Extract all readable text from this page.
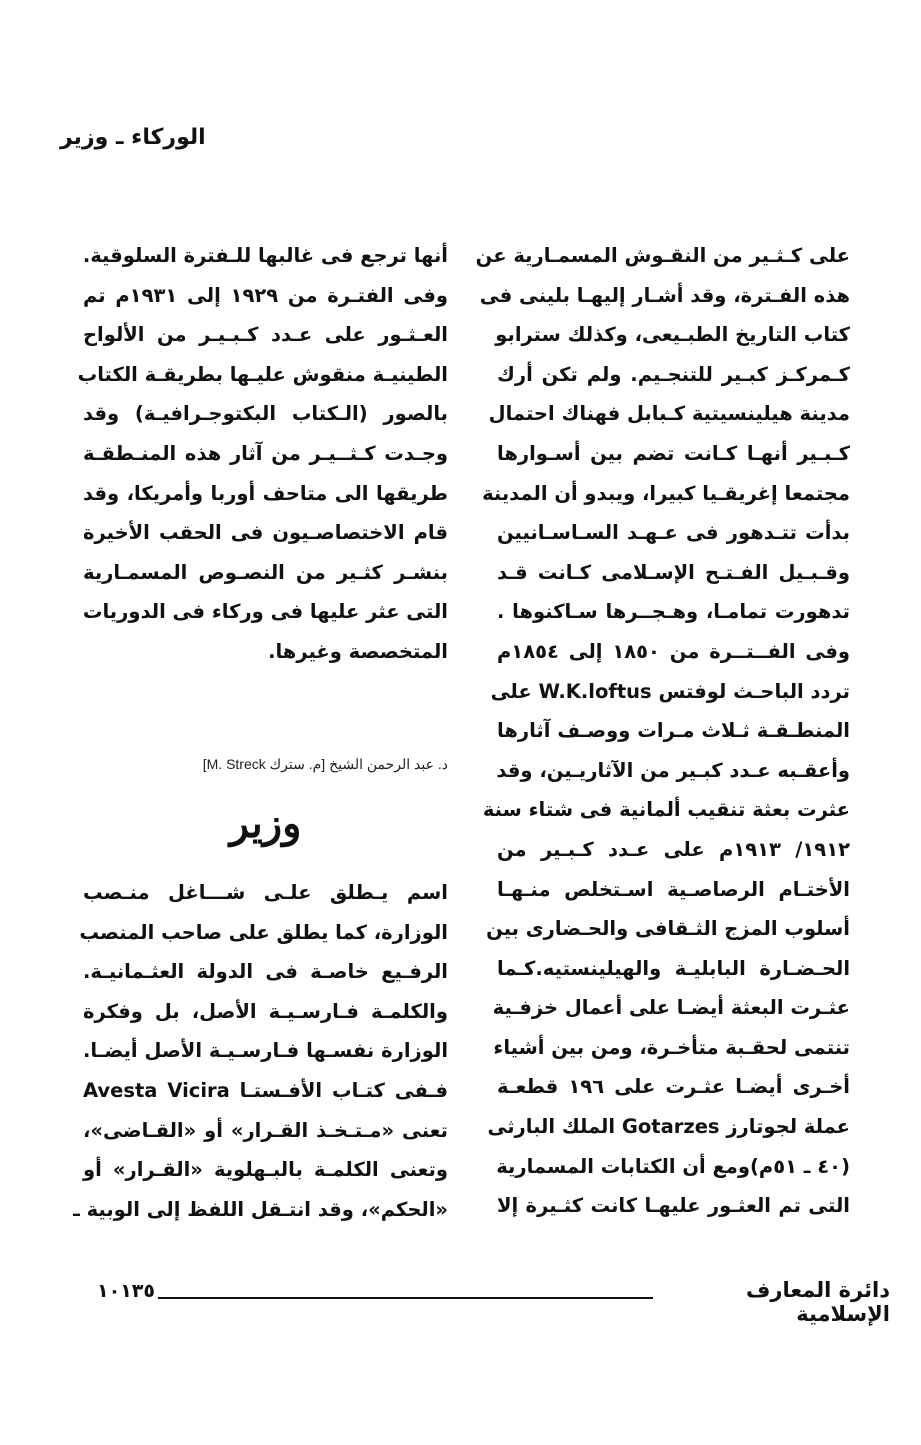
الوركاء ـ وزير
على كـثـير من النقـوش المسمـارية عن
هذه الفـترة، وقد أشـار إليهـا بلينى فى
كتاب التاريخ الطبـيعى، وكذلك سترابو
كـمركـز كبـير للتنجـيم. ولم تكن أرك
مدينة هيلينسيتية كـبابل فهناك احتمال
كـبـير أنهـا كـانت تضم بين أسـوارها
مجتمعا إغريقـيا كبيرا، ويبدو أن المدينة
بدأت تتـدهور فى عـهـد السـاسـانيين
وقـبـيل الفـتـح الإسـلامى كـانت قـد
تدهورت تمامـا، وهـجــرها سـاكنوها .
وفى الفــتــرة من ١٨٥٠ إلى ١٨٥٤م
تردد الباحـث لوفتس W.K.loftus على
المنطـقـة ثـلاث مـرات ووصـف آثارها
وأعقـبه عـدد كبـير من الآثاريـين، وقد
عثرت بعثة تنقيب ألمانية فى شتاء سنة
١٩١٢/ ١٩١٣م على عـدد كـبـير من
الأختـام الرصاصـية اسـتخلص منـهـا
أسلوب المزج الثـقافى والحـضارى بين
الحـضـارة البابليـة والهيلينستيه.كـما
عثـرت البعثة أيضـا على أعمال خزفـية
تنتمى لحقـبة متأخـرة، ومن بين أشياء
أخـرى أيضـا عثـرت على ١٩٦ قطعـة
عملة لجوتارز Gotarzes الملك البارثى
(٤٠ ـ ٥١م)ومع أن الكتابات المسمارية
التى تم العثـور عليهـا كانت كثـيرة إلا
أنها ترجع فى غالبها للـفترة السلوقية.
وفى الفتـرة من ١٩٢٩ إلى ١٩٣١م تم
العـثـور على عـدد كـبـيـر من الألواح
الطينيـة منقوش عليـها بطريقـة الكتاب
بالصور (الـكتاب البكتوجـرافيـة) وقد
وجـدت كـثــيـر من آثار هذه المنـطقـة
طريقها الى متاحف أوربا وأمريكا، وقد
قام الاختصاصـيون فى الحقب الأخيرة
بنشـر كثـير من النصـوص المسمـارية
التى عثر عليها فى وركاء فى الدوريات
المتخصصة وغيرها.
د. عبد الرحمن الشيخ [م. سترك M. Streck]
وزير
اسم يـطلق علـى شـــاغل منـصب
الوزارة، كما يطلق على صاحب المنصب
الرفـيع خاصـة فى الدولة العثـمانيـة.
والكلمـة فـارسـيـة الأصل، بل وفكرة
الوزارة نفسـها فـارسـيـة الأصل أيضـا.
فـفى كتـاب الأفـستـا Avesta Vicira
تعنى «مـتـخـذ القـرار» أو «القـاضى»،
وتعنى الكلمـة بالبـهلوية «القـرار» أو
«الحكم»، وقد انتـقل اللفظ إلى الوبية ـ
دائرة المعارف الإسلامية
١٠١٣٥
